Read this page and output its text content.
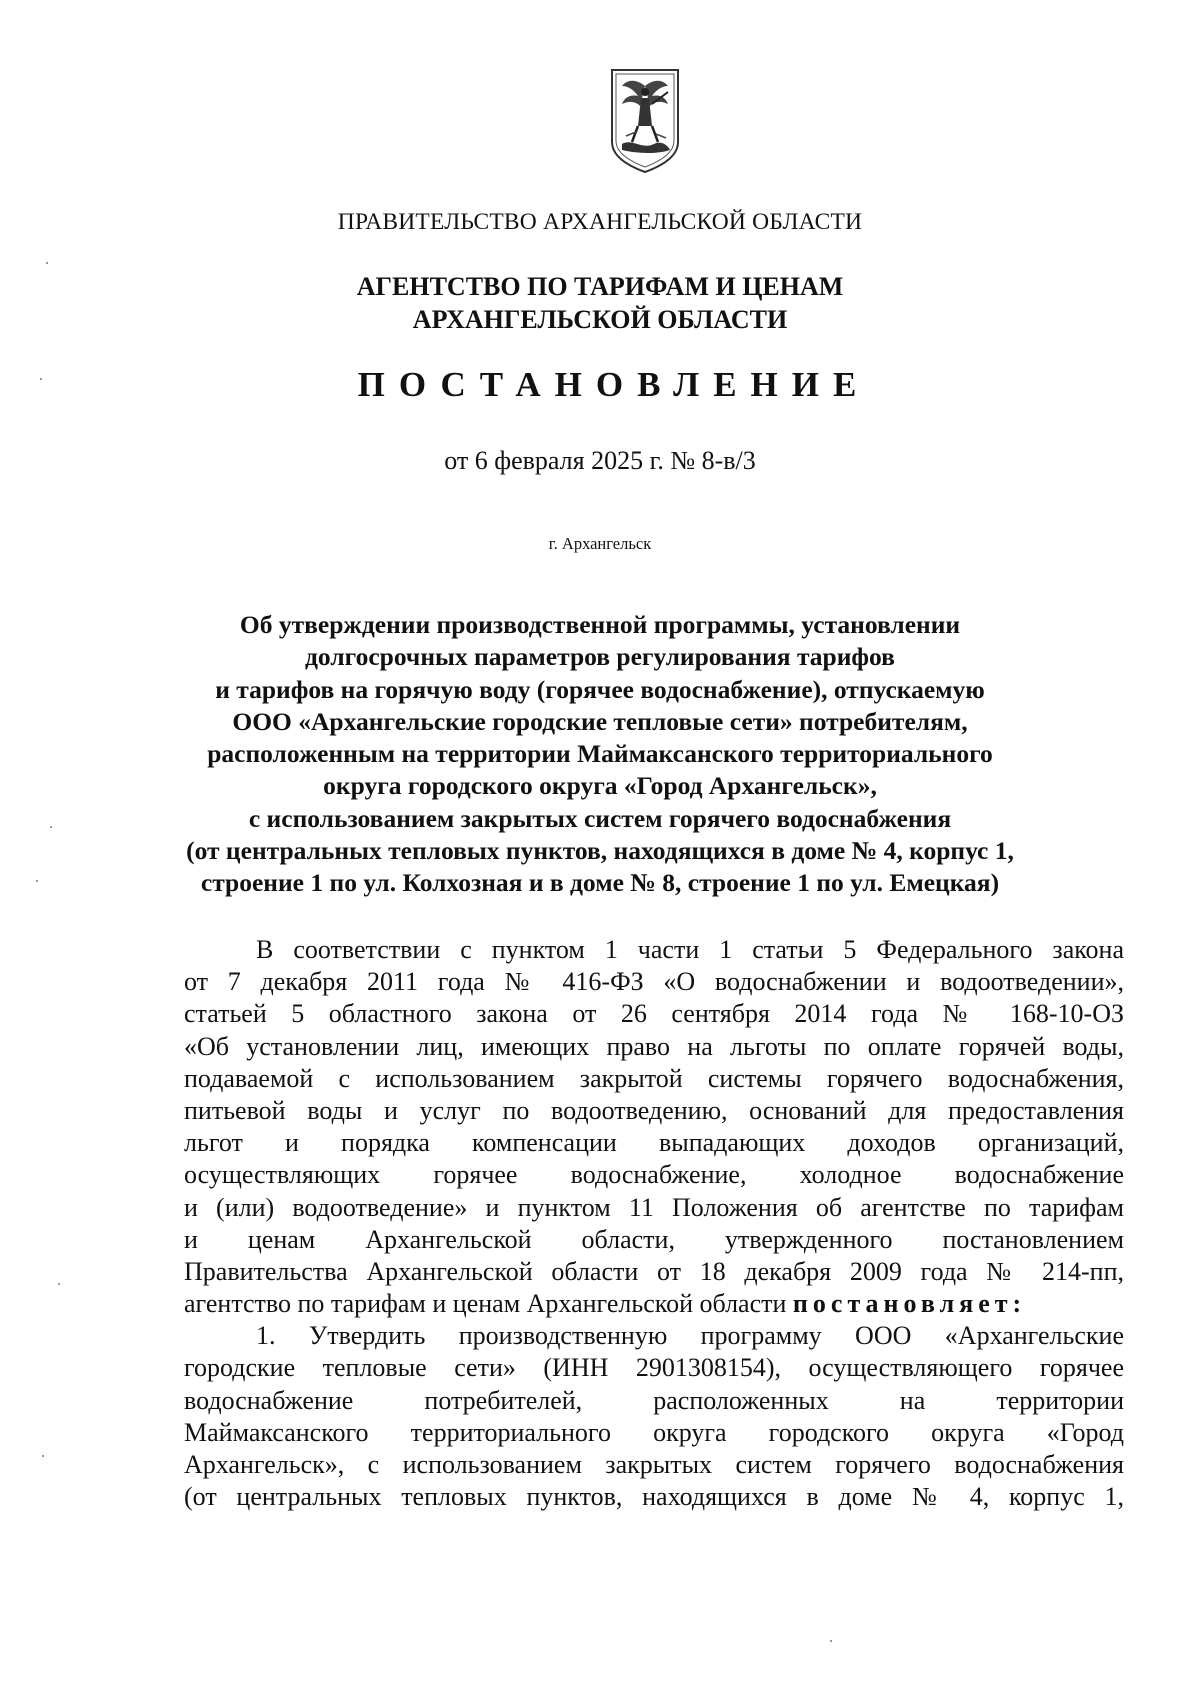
ПРАВИТЕЛЬСТВО АРХАНГЕЛЬСКОЙ ОБЛАСТИ
АГЕНТСТВО ПО ТАРИФАМ И ЦЕНАМ
АРХАНГЕЛЬСКОЙ ОБЛАСТИ
ПОСТАНОВЛЕНИЕ
от 6 февраля 2025 г. № 8-в/3
г. Архангельск
Об утверждении производственной программы, установлении
долгосрочных параметров регулирования тарифов
и тарифов на горячую воду (горячее водоснабжение), отпускаемую
ООО «Архангельские городские тепловые сети» потребителям,
расположенным на территории Маймаксанского территориального
округа городского округа «Город Архангельск»,
с использованием закрытых систем горячего водоснабжения
(от центральных тепловых пунктов, находящихся в доме № 4, корпус 1,
строение 1 по ул. Колхозная и в доме № 8, строение 1 по ул. Емецкая)
В соответствии с пунктом 1 части 1 статьи 5 Федерального закона
от 7 декабря 2011 года № 416-ФЗ «О водоснабжении и водоотведении»,
статьей 5 областного закона от 26 сентября 2014 года № 168-10-ОЗ
«Об установлении лиц, имеющих право на льготы по оплате горячей воды,
подаваемой с использованием закрытой системы горячего водоснабжения,
питьевой воды и услуг по водоотведению, оснований для предоставления
льгот и порядка компенсации выпадающих доходов организаций,
осуществляющих горячее водоснабжение, холодное водоснабжение
и (или) водоотведение» и пунктом 11 Положения об агентстве по тарифам
и ценам Архангельской области, утвержденного постановлением
Правительства Архангельской области от 18 декабря 2009 года № 214-пп,
агентство по тарифам и ценам Архангельской области постановляет:
1. Утвердить производственную программу ООО «Архангельские
городские тепловые сети» (ИНН 2901308154), осуществляющего горячее
водоснабжение потребителей, расположенных на территории
Маймаксанского территориального округа городского округа «Город
Архангельск», с использованием закрытых систем горячего водоснабжения
(от центральных тепловых пунктов, находящихся в доме № 4, корпус 1,
